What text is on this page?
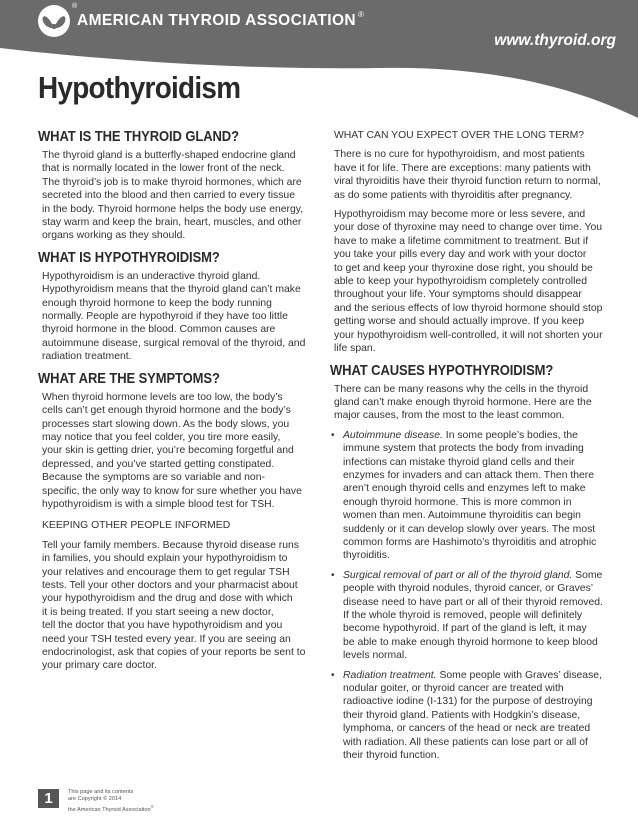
®
AMERICAN THYROID ASSOCIATION ®
www.thyroid.org
Hypothyroidism
WHAT IS THE THYROID GLAND?

The thyroid gland is a butterfly-shaped endocrine gland
that is normally located in the lower front of the neck.
The thyroid’s job is to make thyroid hormones, which are
secreted into the blood and then carried to every tissue
in the body. Thyroid hormone helps the body use energy,
stay warm and keep the brain, heart, muscles, and other
organs working as they should.

WHAT IS HYPOTHYROIDISM?

Hypothyroidism is an underactive thyroid gland.
Hypothyroidism means that the thyroid gland can’t make
enough thyroid hormone to keep the body running
normally. People are hypothyroid if they have too little
thyroid hormone in the blood. Common causes are
autoimmune disease, surgical removal of the thyroid, and
radiation treatment.

WHAT ARE THE SYMPTOMS?

When thyroid hormone levels are too low, the body’s
cells can’t get enough thyroid hormone and the body’s
processes start slowing down. As the body slows, you
may notice that you feel colder, you tire more easily,
your skin is getting drier, you’re becoming forgetful and
depressed, and you’ve started getting constipated.
Because the symptoms are so variable and non-
specific, the only way to know for sure whether you have
hypothyroidism is with a simple blood test for TSH.

KEEPING OTHER PEOPLE INFORMED

Tell your family members. Because thyroid disease runs
in families, you should explain your hypothyroidism to
your relatives and encourage them to get regular TSH
tests. Tell your other doctors and your pharmacist about
your hypothyroidism and the drug and dose with which
it is being treated. If you start seeing a new doctor,
tell the doctor that you have hypothyroidism and you
need your TSH tested every year. If you are seeing an
endocrinologist, ask that copies of your reports be sent to
your primary care doctor.

WHAT CAN YOU EXPECT OVER THE LONG TERM?

There is no cure for hypothyroidism, and most patients
have it for life. There are exceptions: many patients with
viral thyroiditis have their thyroid function return to normal,
as do some patients with thyroiditis after pregnancy.

Hypothyroidism may become more or less severe, and
your dose of thyroxine may need to change over time. You
have to make a lifetime commitment to treatment. But if
you take your pills every day and work with your doctor
to get and keep your thyroxine dose right, you should be
able to keep your hypothyroidism completely controlled
throughout your life. Your symptoms should disappear
and the serious effects of low thyroid hormone should stop
getting worse and should actually improve. If you keep
your hypothyroidism well-controlled, it will not shorten your
life span.

WHAT CAUSES HYPOTHYROIDISM?

There can be many reasons why the cells in the thyroid
gland can’t make enough thyroid hormone. Here are the
major causes, from the most to the least common.

• Autoimmune disease. In some people’s bodies, the
immune system that protects the body from invading
infections can mistake thyroid gland cells and their
enzymes for invaders and can attack them. Then there
aren’t enough thyroid cells and enzymes left to make
enough thyroid hormone. This is more common in
women than men. Autoimmune thyroiditis can begin
suddenly or it can develop slowly over years. The most
common forms are Hashimoto’s thyroiditis and atrophic
thyroiditis.
• Surgical removal of part or all of the thyroid gland. Some
people with thyroid nodules, thyroid cancer, or Graves’
disease need to have part or all of their thyroid removed.
If the whole thyroid is removed, people will definitely
become hypothyroid. If part of the gland is left, it may
be able to make enough thyroid hormone to keep blood
levels normal.
• Radiation treatment. Some people with Graves’ disease,
nodular goiter, or thyroid cancer are treated with
radioactive iodine (I-131) for the purpose of destroying
their thyroid gland. Patients with Hodgkin’s disease,
lymphoma, or cancers of the head or neck are treated
with radiation. All these patients can lose part or all of
their thyroid function.
1	This page and its contents
are Copyright © 2014
the American Thyroid Association®
